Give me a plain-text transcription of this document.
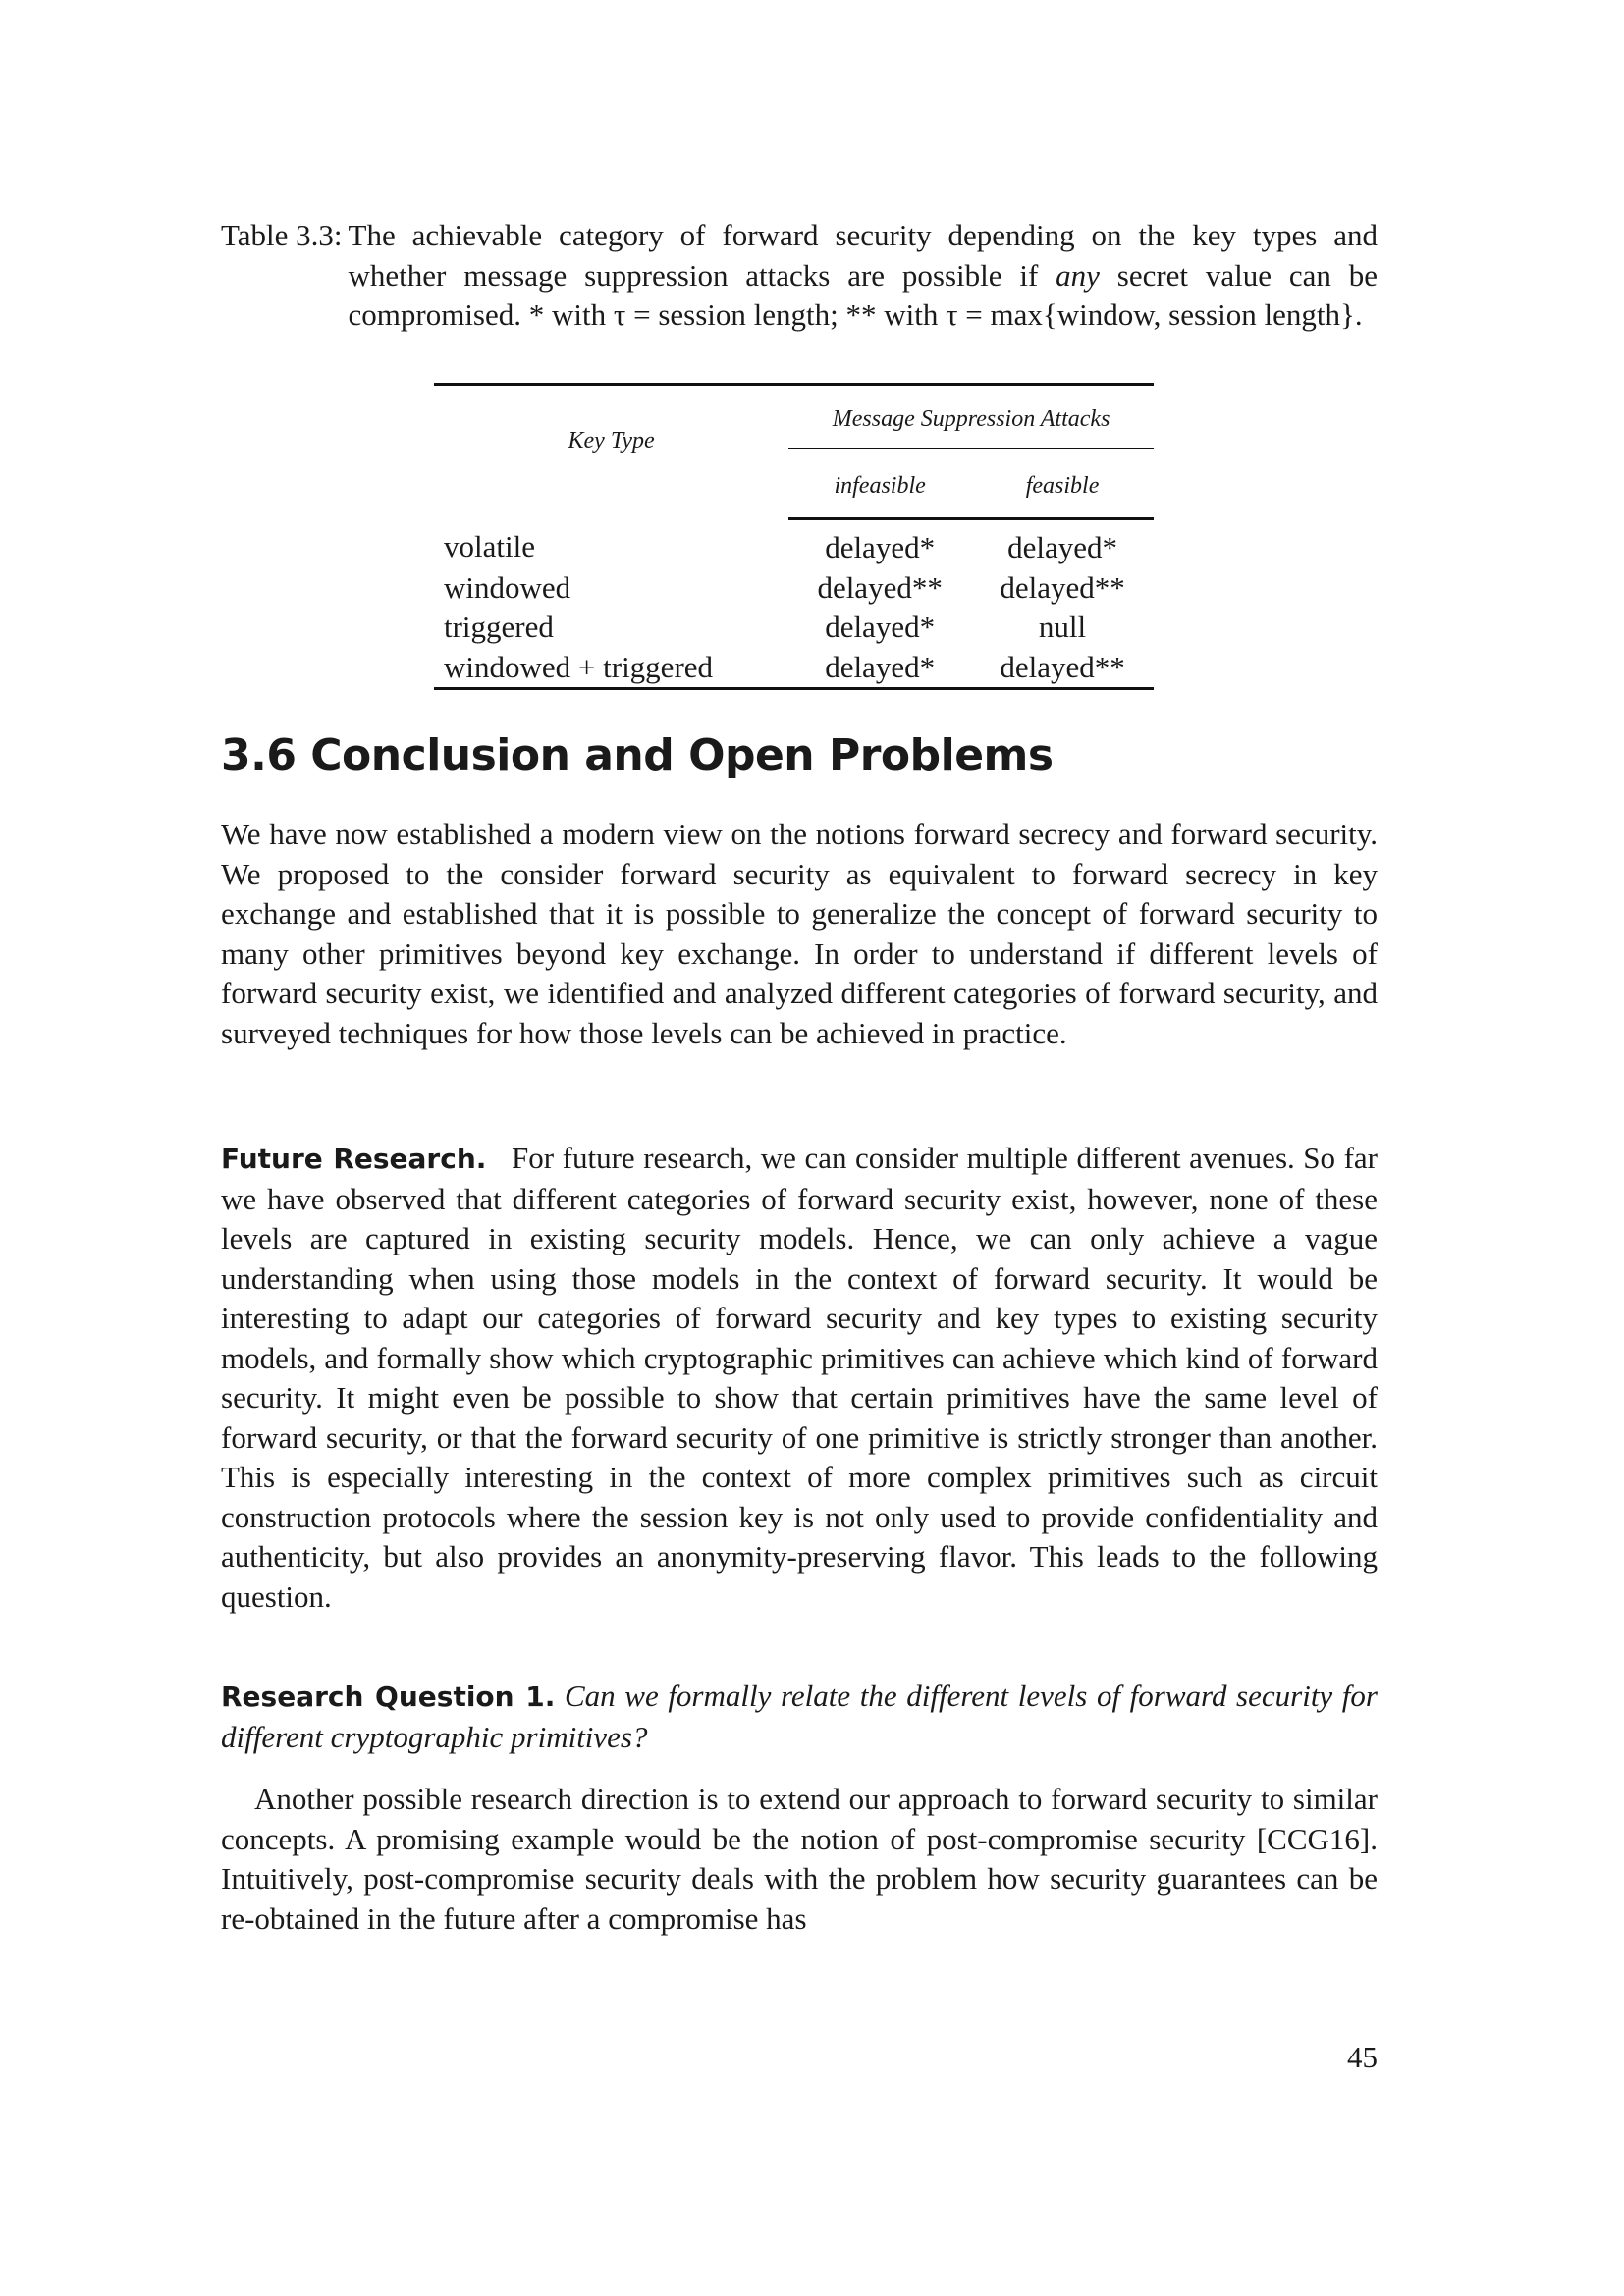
Table 3.3: The achievable category of forward security depending on the key types and whether message suppression attacks are possible if any secret value can be compromised. * with τ = session length; ** with τ = max{window, session length}.
Key Type	Message Suppression Attacks	
	infeasible	feasible
volatile	delayed*	delayed*
windowed	delayed**	delayed**
triggered	delayed*	null
windowed + triggered	delayed*	delayed**
3.6 Conclusion and Open Problems

We have now established a modern view on the notions forward secrecy and forward security. We proposed to the consider forward security as equivalent to forward secrecy in key exchange and established that it is possible to generalize the concept of forward security to many other primitives beyond key exchange. In order to understand if different levels of forward security exist, we identified and analyzed different categories of forward security, and surveyed techniques for how those levels can be achieved in practice.

Future Research. For future research, we can consider multiple different avenues. So far we have observed that different categories of forward security exist, however, none of these levels are captured in existing security models. Hence, we can only achieve a vague understanding when using those models in the context of forward security. It would be interesting to adapt our categories of forward security and key types to existing security models, and formally show which cryptographic primitives can achieve which kind of forward security. It might even be possible to show that certain primitives have the same level of forward security, or that the forward security of one primitive is strictly stronger than another. This is especially interesting in the context of more complex primitives such as circuit construction protocols where the session key is not only used to provide confidentiality and authenticity, but also provides an anonymity-preserving flavor. This leads to the following question.

Research Question 1. Can we formally relate the different levels of forward security for different cryptographic primitives?

Another possible research direction is to extend our approach to forward security to similar concepts. A promising example would be the notion of post-compromise security [CCG16]. Intuitively, post-compromise security deals with the problem how security guarantees can be re-obtained in the future after a compromise has

45
